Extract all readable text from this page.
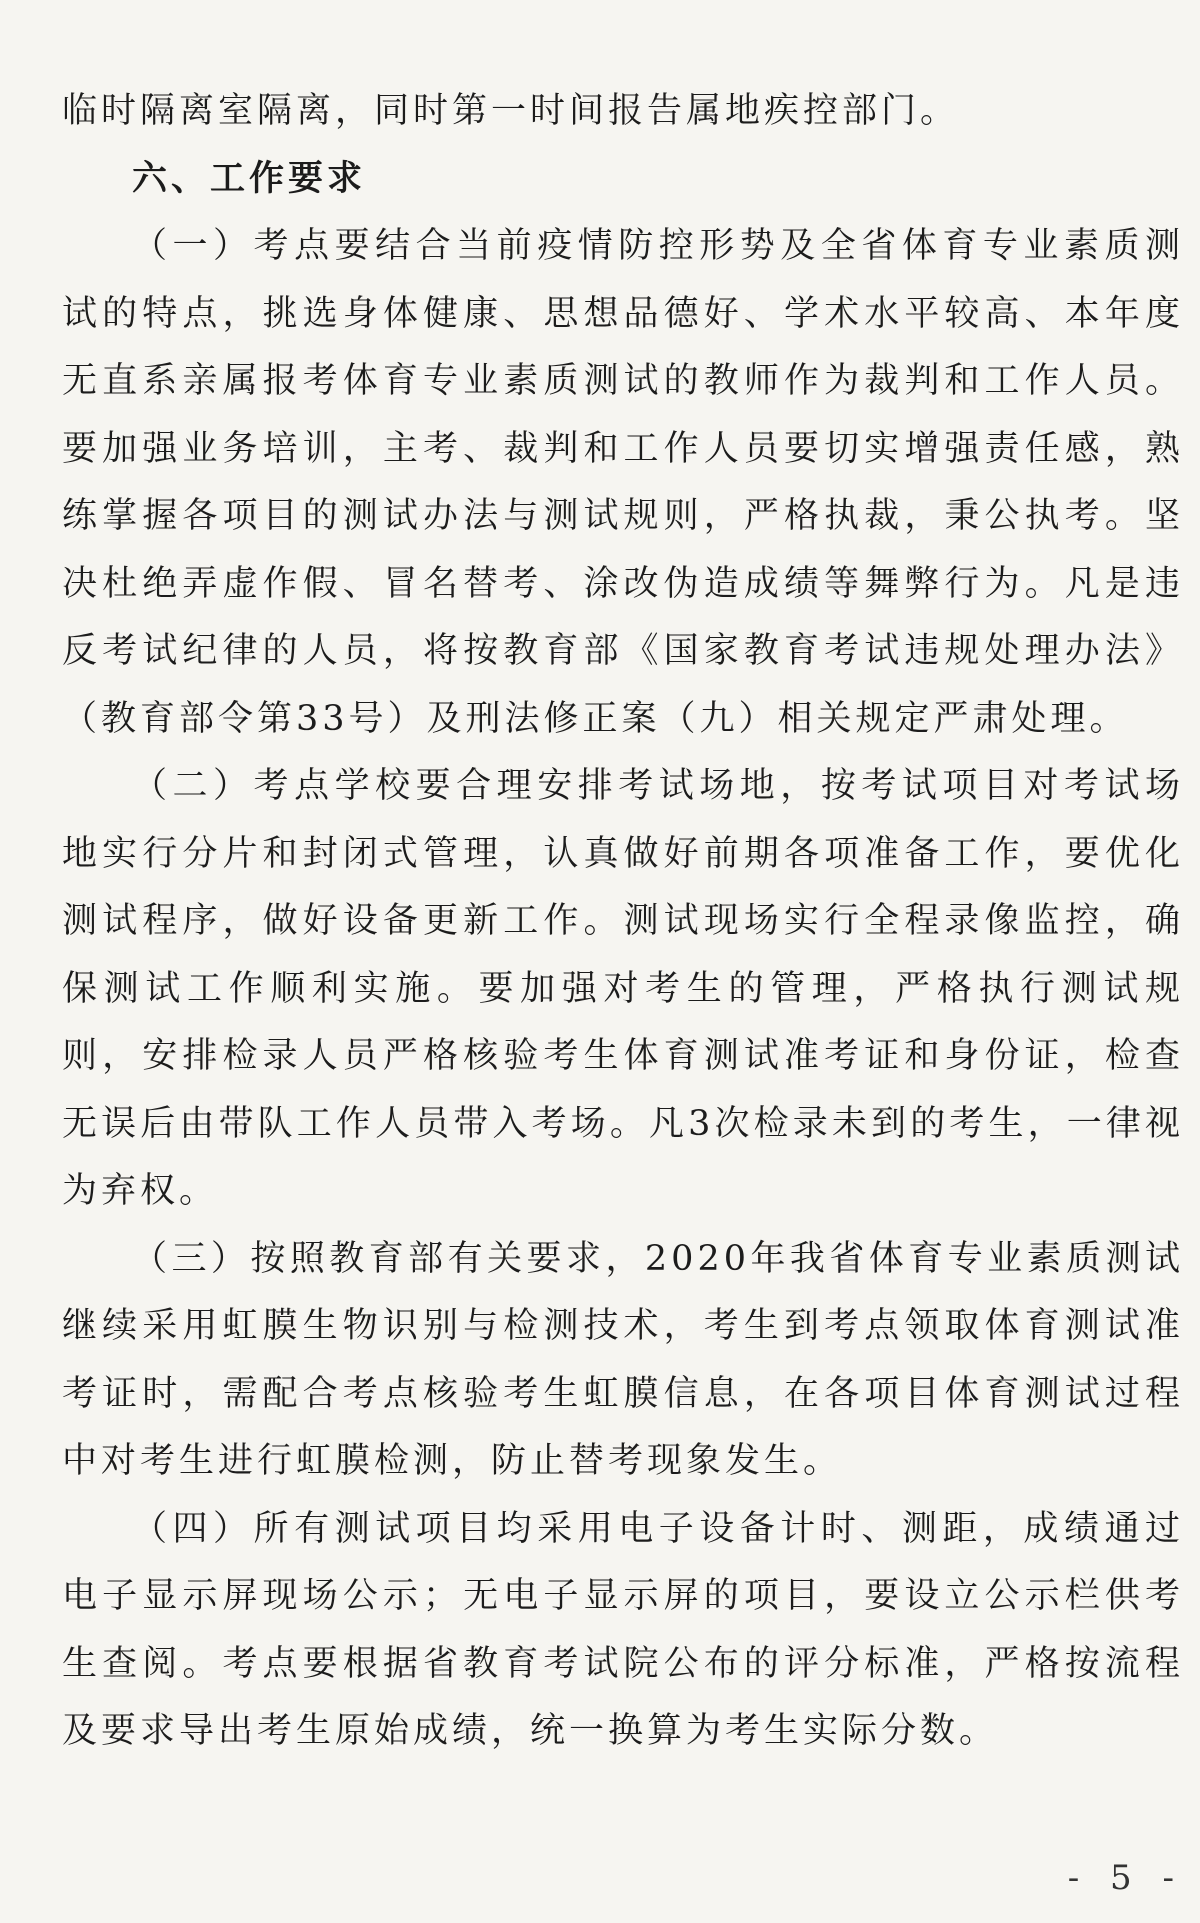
临时隔离室隔离，同时第一时间报告属地疾控部门。

六、工作要求

（一）考点要结合当前疫情防控形势及全省体育专业素质测试的特点，挑选身体健康、思想品德好、学术水平较高、本年度无直系亲属报考体育专业素质测试的教师作为裁判和工作人员。要加强业务培训，主考、裁判和工作人员要切实增强责任感，熟练掌握各项目的测试办法与测试规则，严格执裁，秉公执考。坚决杜绝弄虚作假、冒名替考、涂改伪造成绩等舞弊行为。凡是违反考试纪律的人员，将按教育部《国家教育考试违规处理办法》（教育部令第33号）及刑法修正案（九）相关规定严肃处理。

（二）考点学校要合理安排考试场地，按考试项目对考试场地实行分片和封闭式管理，认真做好前期各项准备工作，要优化测试程序，做好设备更新工作。测试现场实行全程录像监控，确保测试工作顺利实施。要加强对考生的管理，严格执行测试规则，安排检录人员严格核验考生体育测试准考证和身份证，检查无误后由带队工作人员带入考场。凡3次检录未到的考生，一律视为弃权。

（三）按照教育部有关要求，2020年我省体育专业素质测试继续采用虹膜生物识别与检测技术，考生到考点领取体育测试准考证时，需配合考点核验考生虹膜信息，在各项目体育测试过程中对考生进行虹膜检测，防止替考现象发生。

（四）所有测试项目均采用电子设备计时、测距，成绩通过电子显示屏现场公示；无电子显示屏的项目，要设立公示栏供考生查阅。考点要根据省教育考试院公布的评分标准，严格按流程及要求导出考生原始成绩，统一换算为考生实际分数。

- 5 -
